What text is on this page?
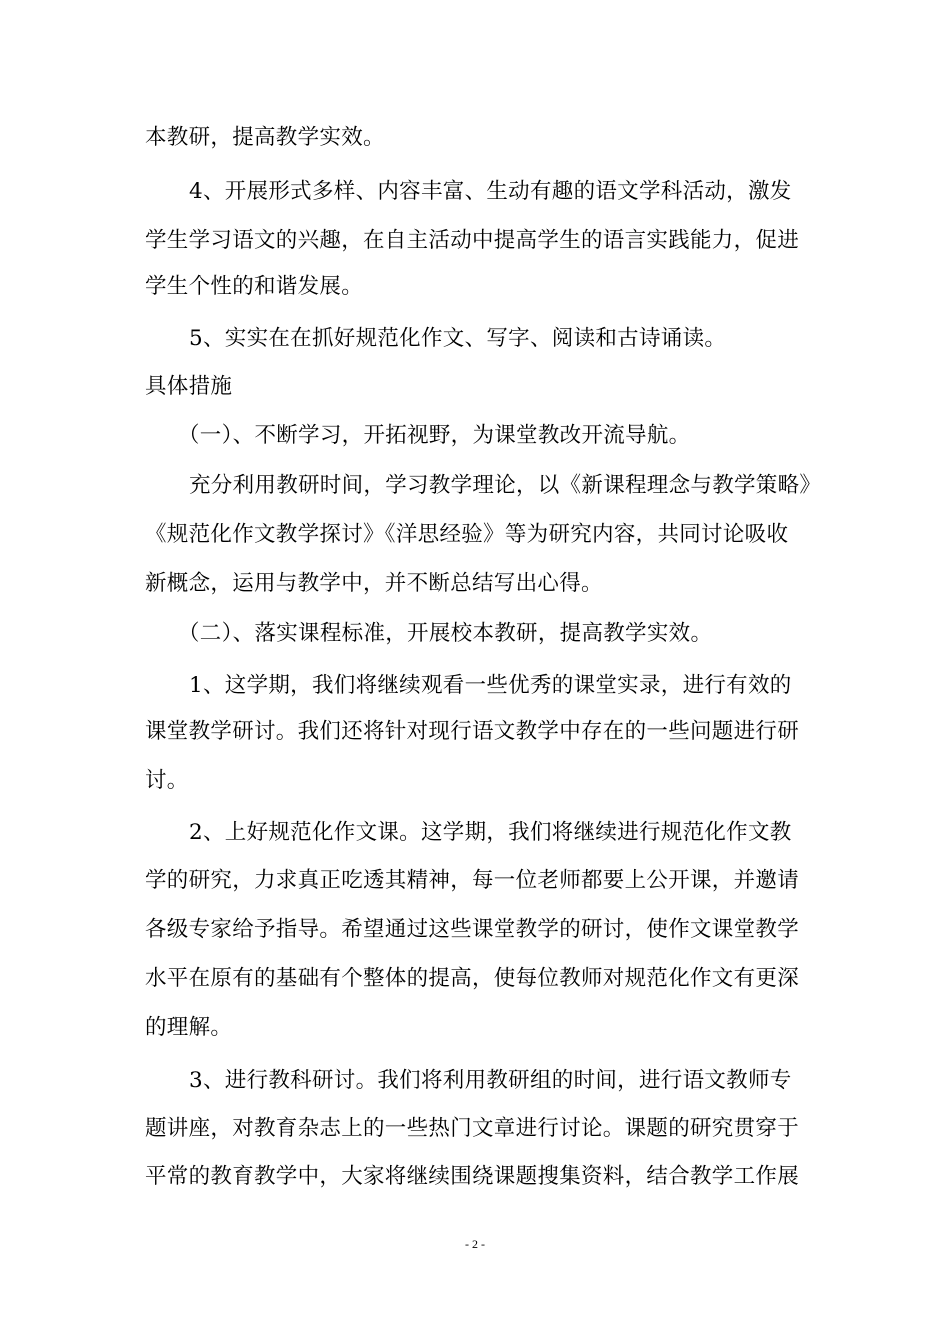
本教研，提高教学实效。
4、开展形式多样、内容丰富、生动有趣的语文学科活动，激发
学生学习语文的兴趣，在自主活动中提高学生的语言实践能力，促进
学生个性的和谐发展。
5、实实在在抓好规范化作文、写字、阅读和古诗诵读。
具体措施
（一）、不断学习，开拓视野，为课堂教改开流导航。
充分利用教研时间，学习教学理论，以《新课程理念与教学策略》
《规范化作文教学探讨》《洋思经验》等为研究内容，共同讨论吸收
新概念，运用与教学中，并不断总结写出心得。
（二）、落实课程标准，开展校本教研，提高教学实效。
1、这学期，我们将继续观看一些优秀的课堂实录，进行有效的
课堂教学研讨。我们还将针对现行语文教学中存在的一些问题进行研
讨。
2、上好规范化作文课。这学期，我们将继续进行规范化作文教
学的研究，力求真正吃透其精神，每一位老师都要上公开课，并邀请
各级专家给予指导。希望通过这些课堂教学的研讨，使作文课堂教学
水平在原有的基础有个整体的提高，使每位教师对规范化作文有更深
的理解。
3、进行教科研讨。我们将利用教研组的时间，进行语文教师专
题讲座，对教育杂志上的一些热门文章进行讨论。课题的研究贯穿于
平常的教育教学中，大家将继续围绕课题搜集资料，结合教学工作展
- 2 -
